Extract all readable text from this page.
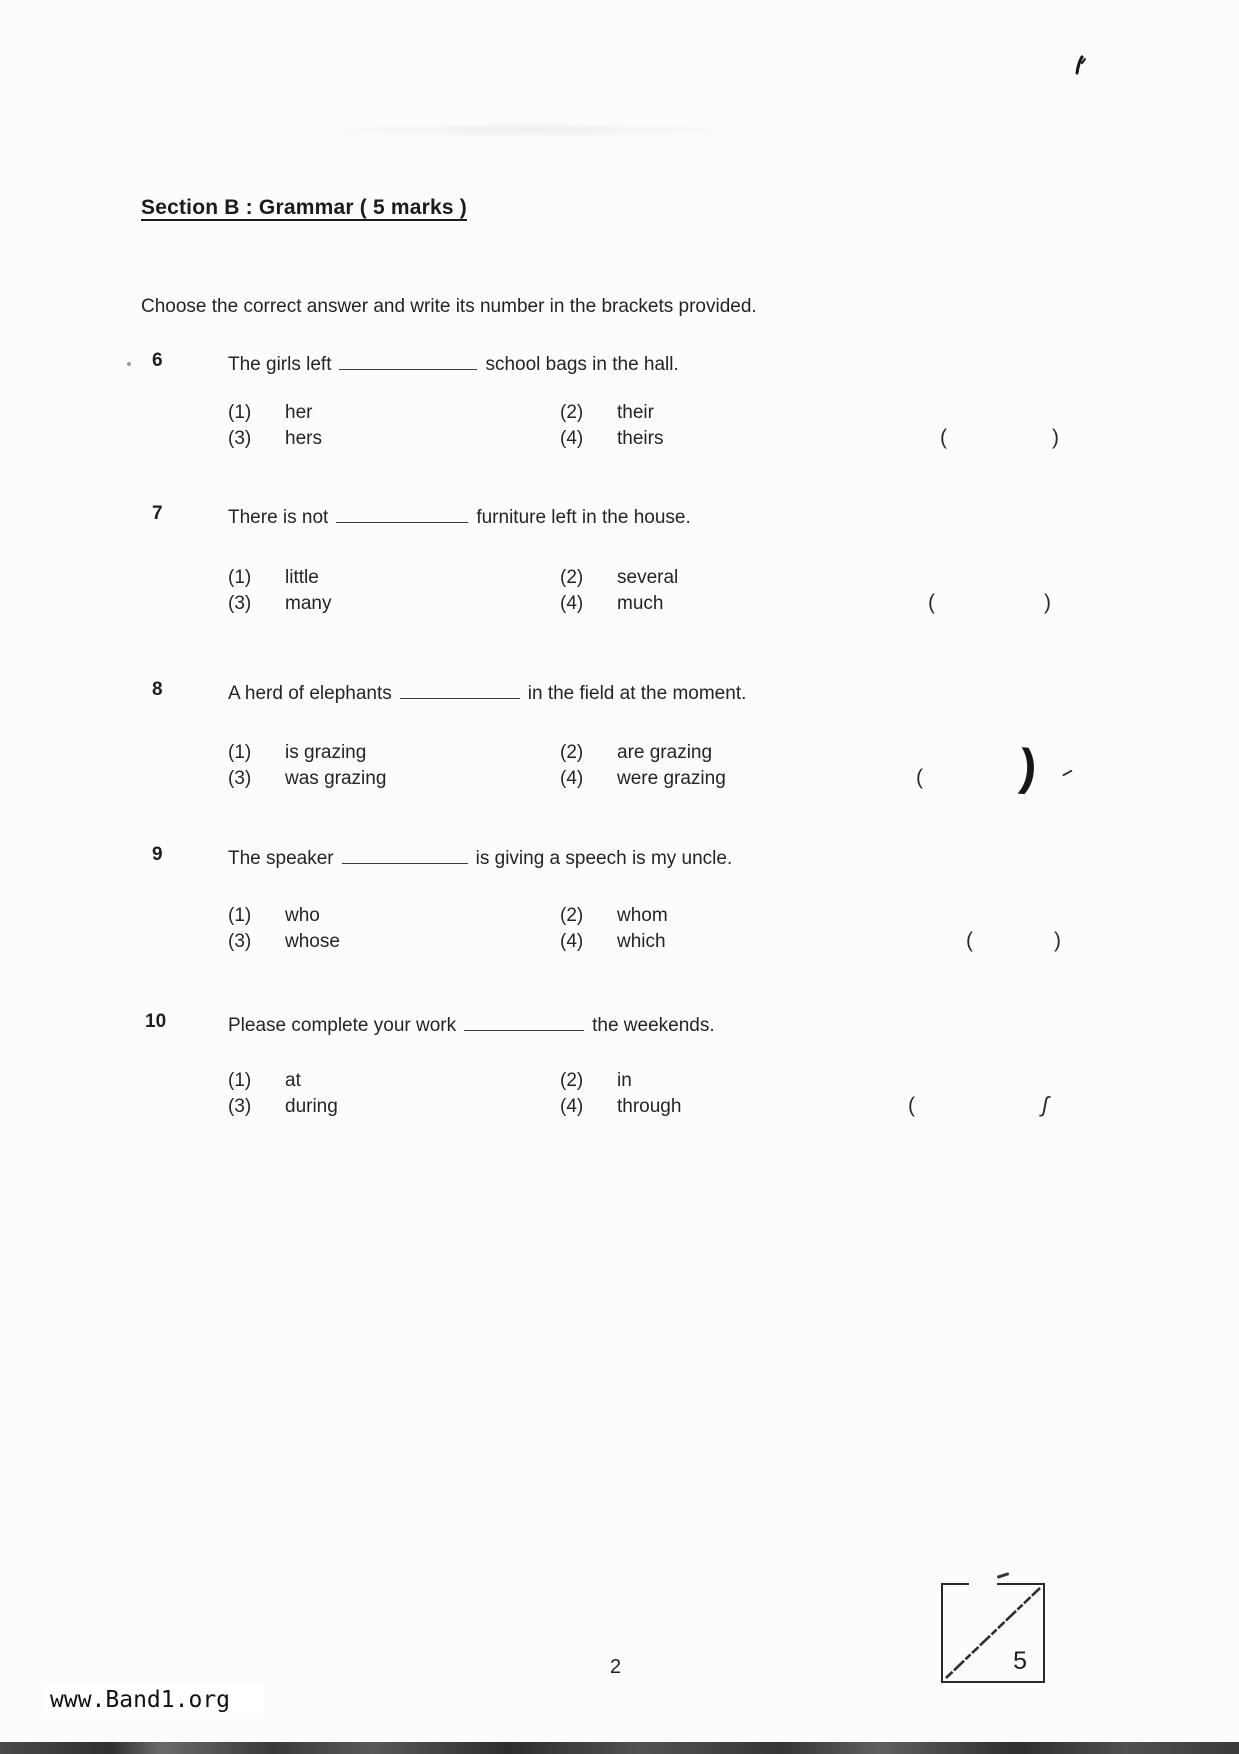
Section B : Grammar ( 5 marks )
Choose the correct answer and write its number in the brackets provided.
6	The girls left	school bags in the hall.
(1) her	(2) their
(3) hers	(4) theirs	(	)
7	There is not	furniture left in the house.
(1) little	(2) several
(3) many	(4) much	(	)
8	A herd of elephants	in the field at the moment.
(1) is grazing	(2) are grazing
(3) was grazing	(4) were grazing	( )
9	The speaker	is giving a speech is my uncle.
(1) who	(2) whom
(3) whose	(4) which	(	)
10	Please complete your work	the weekends.
(1) at	(2) in
(3) during	(4) through	(	ʃ
5
2
www.Band1.org
